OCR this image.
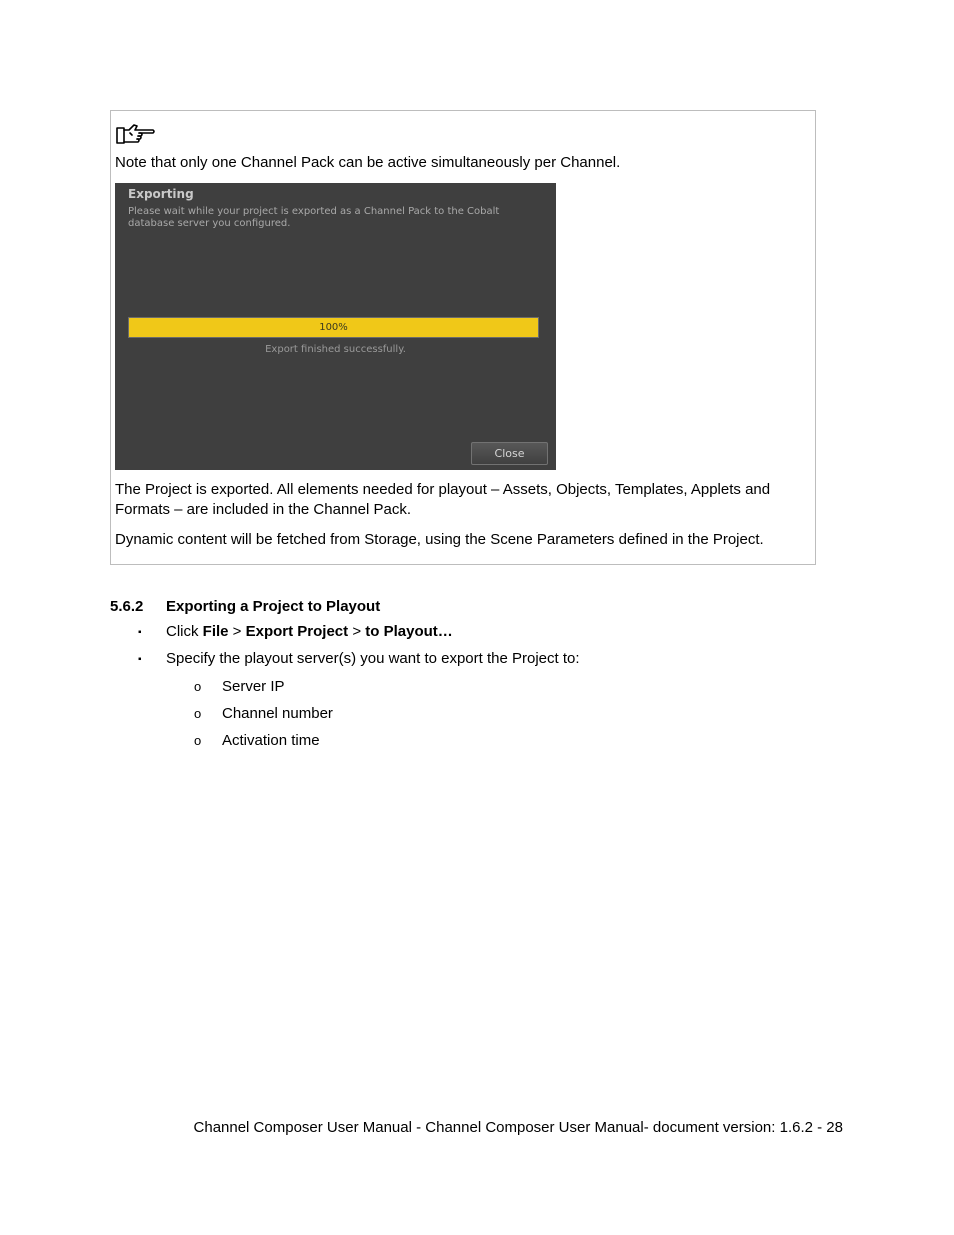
Note that only one Channel Pack can be active simultaneously per Channel.

Exporting
Please wait while your project is exported as a Channel Pack to the Cobalt database server you configured.
100%
Export finished successfully.
Close

The Project is exported. All elements needed for playout – Assets, Objects, Templates, Applets and Formats – are included in the Channel Pack.

Dynamic content will be fetched from Storage, using the Scene Parameters defined in the Project.

5.6.2 Exporting a Project to Playout
▪ Click File > Export Project > to Playout…
▪ Specify the playout server(s) you want to export the Project to:
o Server IP
o Channel number
o Activation time
Channel Composer User Manual - Channel Composer User Manual- document version: 1.6.2 - 28
